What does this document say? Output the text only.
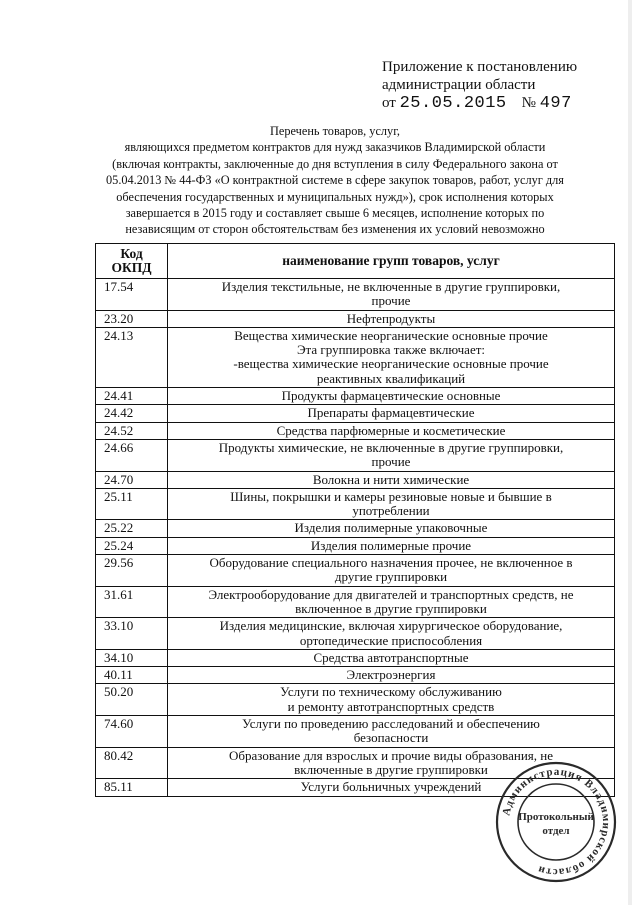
Приложение к постановлению
администрации области
от 25.05.2015 № 497
Перечень товаров, услуг,
являющихся предметом контрактов для нужд заказчиков Владимирской области
(включая контракты, заключенные до дня вступления в силу Федерального закона от
05.04.2013 № 44-ФЗ «О контрактной системе в сфере закупок товаров, работ, услуг для
обеспечения государственных и муниципальных нужд»), срок исполнения которых
завершается в 2015 году и составляет свыше 6 месяцев, исполнение которых по
независящим от сторон обстоятельствам без изменения их условий невозможно
Код
ОКПД	наименование групп товаров, услуг
17.54	Изделия текстильные, не включенные в другие группировки,
прочие

23.20	Нефтепродукты

24.13	Вещества химические неорганические основные прочие
Эта группировка также включает:
-вещества химические неорганические основные прочие
реактивных квалификаций

24.41	Продукты фармацевтические основные

24.42	Препараты фармацевтические

24.52	Средства парфюмерные и косметические

24.66	Продукты химические, не включенные в другие группировки,
прочие

24.70	Волокна и нити химические

25.11	Шины, покрышки и камеры резиновые новые и бывшие в
употреблении

25.22	Изделия полимерные упаковочные

25.24	Изделия полимерные прочие

29.56	Оборудование специального назначения прочее, не включенное в
другие группировки

31.61	Электрооборудование для двигателей и транспортных средств, не
включенное в другие группировки

33.10	Изделия медицинские, включая хирургическое оборудование,
ортопедические приспособления

34.10	Средства автотранспортные

40.11	Электроэнергия

50.20	Услуги по техническому обслуживанию
и ремонту автотранспортных средств

74.60	Услуги по проведению расследований и обеспечению
безопасности

80.42	Образование для взрослых и прочие виды образования, не
включенные в другие группировки

85.11	Услуги больничных учреждений
Администрация Владимирской области
Протокольный
отдел
